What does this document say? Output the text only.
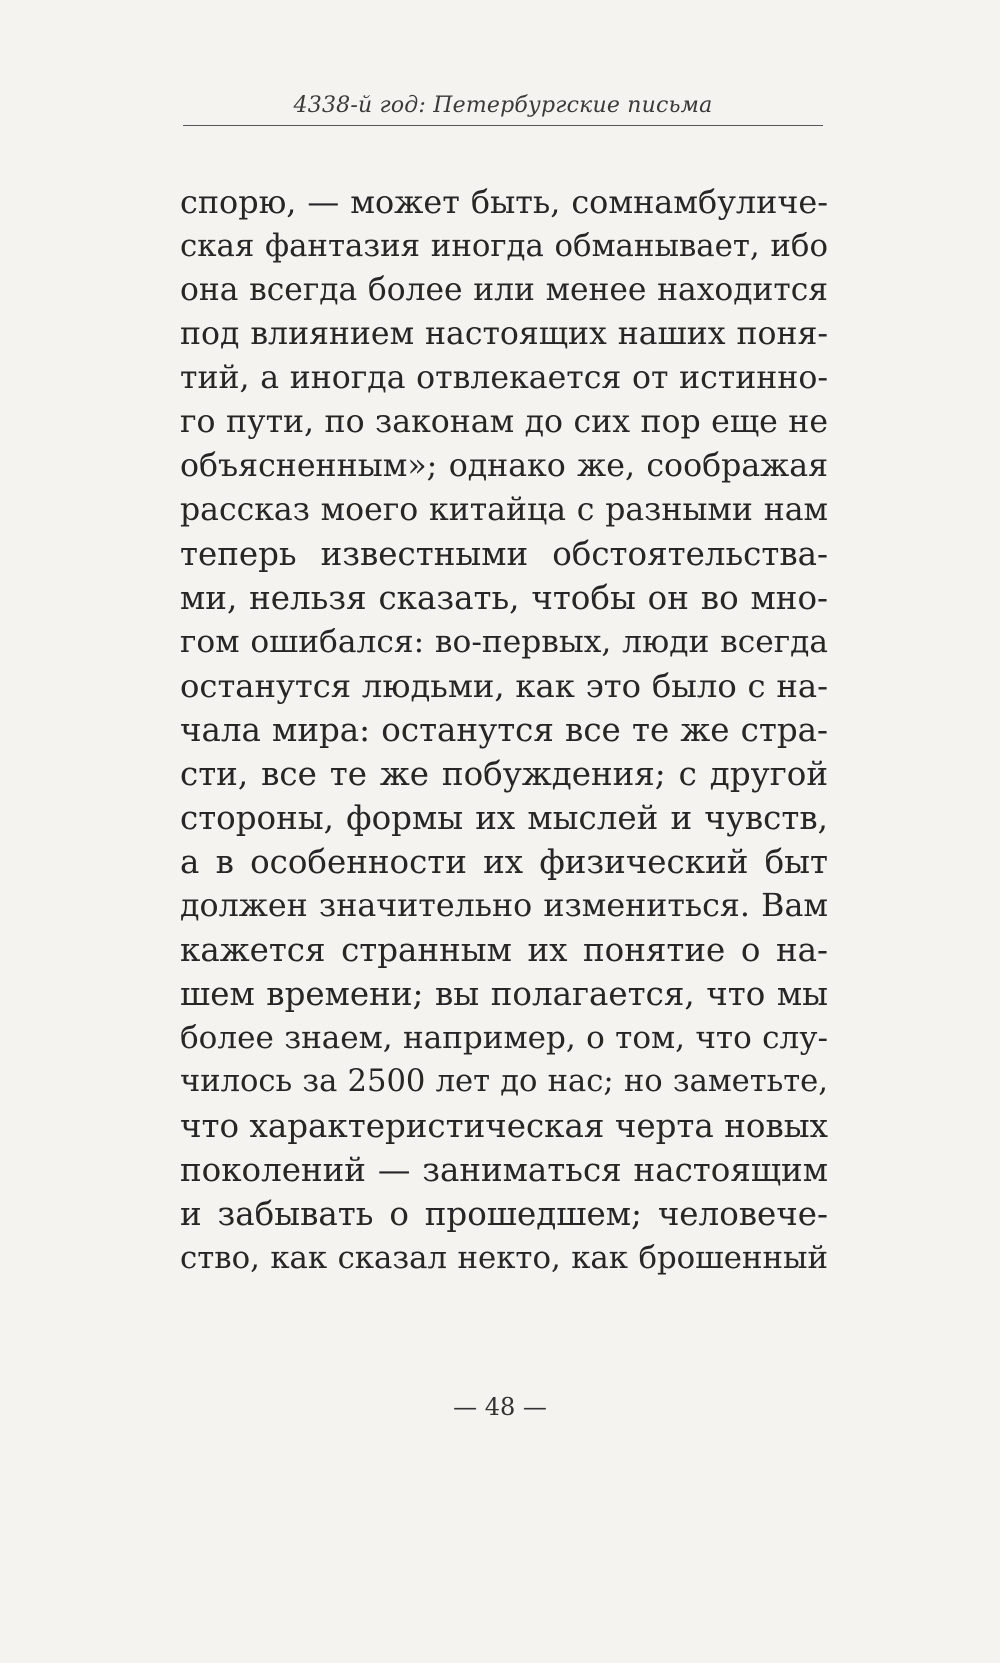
4338-й год: Петербургские письма
спорю, — может быть, сомнамбуличе-
ская фантазия иногда обманывает, ибо
она всегда более или менее находится
под влиянием настоящих наших поня-
тий, а иногда отвлекается от истинно-
го пути, по законам до сих пор еще не
объясненным»; однако же, соображая
рассказ моего китайца с разными нам
теперь известными обстоятельства-
ми, нельзя сказать, чтобы он во мно-
гом ошибался: во-первых, люди всегда
останутся людьми, как это было с на-
чала мира: останутся все те же стра-
сти, все те же побуждения; с другой
стороны, формы их мыслей и чувств,
а в особенности их физический быт
должен значительно измениться. Вам
кажется странным их понятие о на-
шем времени; вы полагается, что мы
более знаем, например, о том, что слу-
чилось за 2500 лет до нас; но заметьте,
что характеристическая черта новых
поколений — заниматься настоящим
и забывать о прошедшем; человече-
ство, как сказал некто, как брошенный
— 48 —
